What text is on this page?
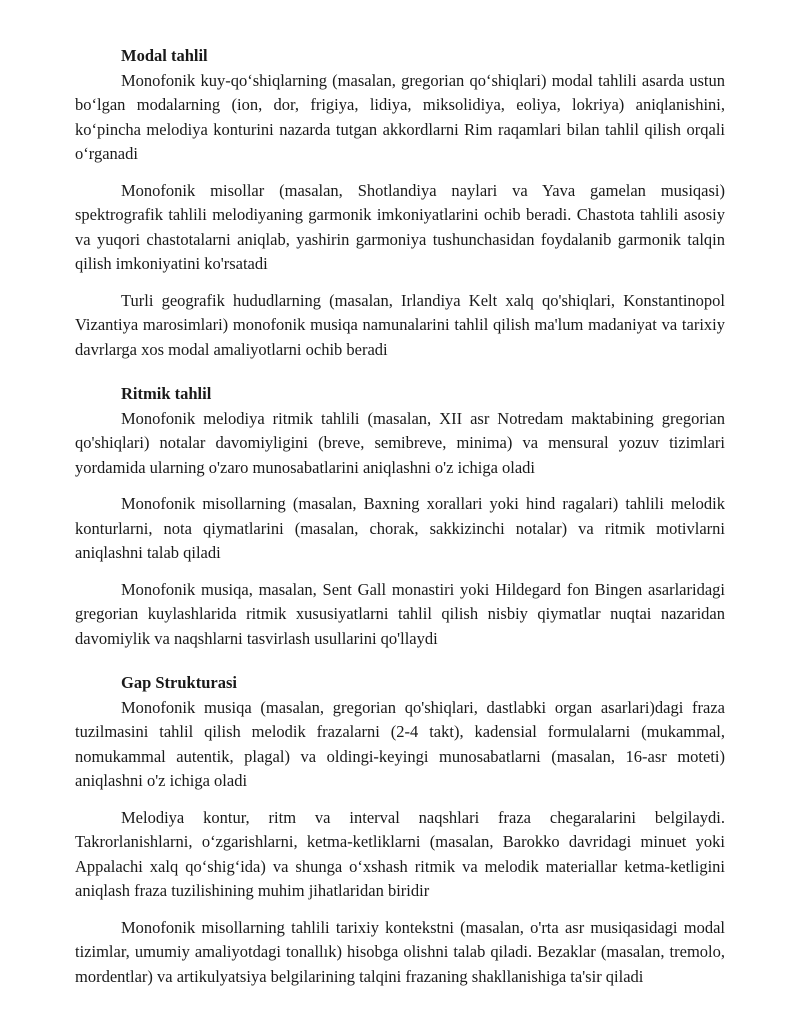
Modal tahlil

Monofonik kuy-qo‘shiqlarning (masalan, gregorian qo‘shiqlari) modal tahlili asarda ustun bo‘lgan modalarning (ion, dor, frigiya, lidiya, miksolidiya, eoliya, lokriya) aniqlanishini, ko‘pincha melodiya konturini nazarda tutgan akkordlarni Rim raqamlari bilan tahlil qilish orqali o‘rganadi

Monofonik misollar (masalan, Shotlandiya naylari va Yava gamelan musiqasi) spektrografik tahlili melodiyaning garmonik imkoniyatlarini ochib beradi. Chastota tahlili asosiy va yuqori chastotalarni aniqlab, yashirin garmoniya tushunchasidan foydalanib garmonik talqin qilish imkoniyatini ko'rsatadi

Turli geografik hududlarning (masalan, Irlandiya Kelt xalq qo'shiqlari, Konstantinopol Vizantiya marosimlari) monofonik musiqa namunalarini tahlil qilish ma'lum madaniyat va tarixiy davrlarga xos modal amaliyotlarni ochib beradi

Ritmik tahlil

Monofonik melodiya ritmik tahlili (masalan, XII asr Notredam maktabining gregorian qo'shiqlari) notalar davomiyligini (breve, semibreve, minima) va mensural yozuv tizimlari yordamida ularning o'zaro munosabatlarini aniqlashni o'z ichiga oladi

Monofonik misollarning (masalan, Baxning xorallari yoki hind ragalari) tahlili melodik konturlarni, nota qiymatlarini (masalan, chorak, sakkizinchi notalar) va ritmik motivlarni aniqlashni talab qiladi

Monofonik musiqa, masalan, Sent Gall monastiri yoki Hildegard fon Bingen asarlaridagi gregorian kuylashlarida ritmik xususiyatlarni tahlil qilish nisbiy qiymatlar nuqtai nazaridan davomiylik va naqshlarni tasvirlash usullarini qo'llaydi

Gap Strukturasi

Monofonik musiqa (masalan, gregorian qo'shiqlari, dastlabki organ asarlari)dagi fraza tuzilmasini tahlil qilish melodik frazalarni (2-4 takt), kadensial formulalarni (mukammal, nomukammal autentik, plagal) va oldingi-keyingi munosabatlarni (masalan, 16-asr moteti) aniqlashni o'z ichiga oladi

Melodiya kontur, ritm va interval naqshlari fraza chegaralarini belgilaydi. Takrorlanishlarni, o‘zgarishlarni, ketma-ketliklarni (masalan, Barokko davridagi minuet yoki Appalachi xalq qo‘shig‘ida) va shunga o‘xshash ritmik va melodik materiallar ketma-ketligini aniqlash fraza tuzilishining muhim jihatlaridan biridir

Monofonik misollarning tahlili tarixiy kontekstni (masalan, o'rta asr musiqasidagi modal tizimlar, umumiy amaliyotdagi tonallık) hisobga olishni talab qiladi. Bezaklar (masalan, tremolo, mordentlar) va artikulyatsiya belgilarining talqini frazaning shakllanishiga ta'sir qiladi
